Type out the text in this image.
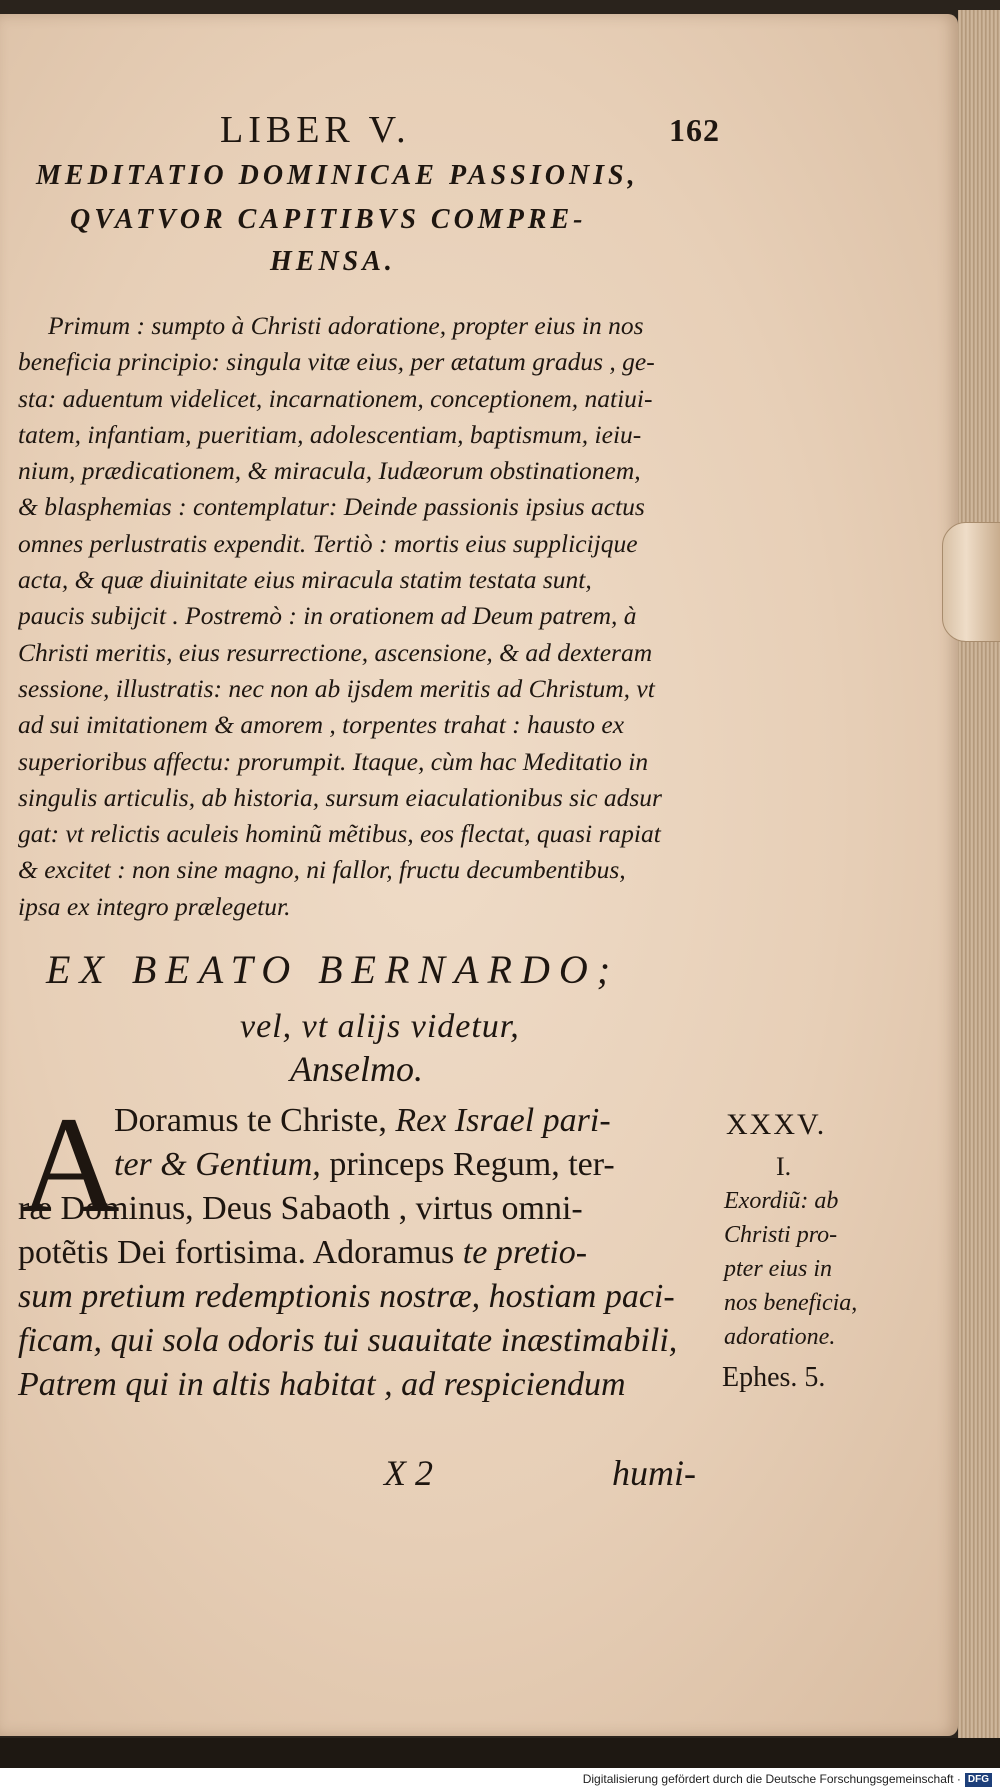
LIBER V.	162
MEDITATIO DOMINICAE PASSIONIS,
QVATVOR CAPITIBVS COMPRE-
HENSA.
Primum : sumpto à Christi adoratione, propter eius in nos
beneficia principio: singula vitæ eius, per ætatum gradus , ge-
sta: aduentum videlicet, incarnationem, conceptionem, natiui-
tatem, infantiam, pueritiam, adolescentiam, baptismum, ieiu-
nium, prædicationem, & miracula, Iudæorum obstinationem,
& blasphemias : contemplatur: Deinde passionis ipsius actus
omnes perlustratis expendit. Tertiò : mortis eius supplicijque
acta, & quæ diuinitate eius miracula statim testata sunt,
paucis subijcit . Postremò : in orationem ad Deum patrem, à
Christi meritis, eius resurrectione, ascensione, & ad dexteram
sessione, illustratis: nec non ab ijsdem meritis ad Christum, vt
ad sui imitationem & amorem , torpentes trahat : hausto ex
superioribus affectu: prorumpit. Itaque, cùm hac Meditatio in
singulis articulis, ab historia, sursum eiaculationibus sic adsur
gat: vt relictis aculeis hominũ mẽtibus, eos flectat, quasi rapiat
& excitet : non sine magno, ni fallor, fructu decumbentibus,
ipsa ex integro prælegetur.
EX BEATO BERNARDO;
vel, vt alijs videtur,
Anselmo.
A
Doramus te Christe, Rex Israel pari-
ter & Gentium, princeps Regum, ter-
ræ Dominus, Deus Sabaoth , virtus omni-
potẽtis Dei fortisima. Adoramus te pretio-
sum pretium redemptionis nostræ, hostiam paci-
ficam, qui sola odoris tui suauitate inæstimabili,
Patrem qui in altis habitat , ad respiciendum
X 2	humi-
XXXV.
I.
Exordiũ: ab
Christi pro-
pter eius in
nos beneficia,
adoratione.
Ephes. 5.
Digitalisierung gefördert durch die Deutsche Forschungsgemeinschaft · DFG
